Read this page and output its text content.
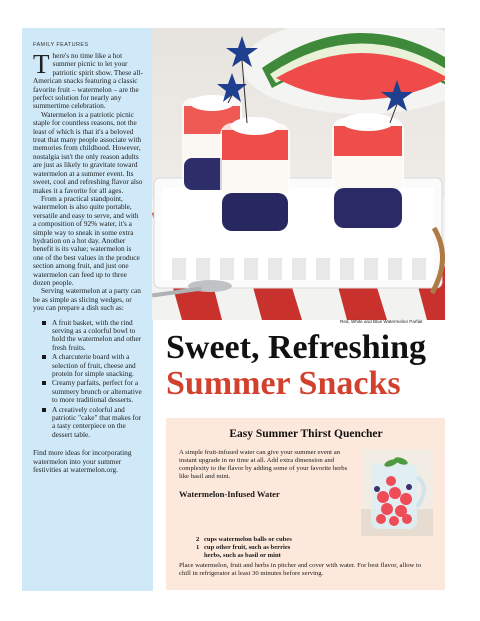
FAMILY FEATURES

T here's no time like a hot summer picnic to let your patriotic spirit show. These all-American snacks featuring a classic favorite fruit – watermelon – are the perfect solution for nearly any summertime celebration.

Watermelon is a patriotic picnic staple for countless reasons, not the least of which is that it's a beloved treat that many people associate with memories from childhood. However, nostalgia isn't the only reason adults are just as likely to gravitate toward watermelon at a summer event. Its sweet, cool and refreshing flavor also makes it a favorite for all ages.

From a practical standpoint, watermelon is also quite portable, versatile and easy to serve, and with a composition of 92% water, it's a simple way to sneak in some extra hydration on a hot day. Another benefit is its value; watermelon is one of the best values in the produce section among fruit, and just one watermelon can feed up to three dozen people.

Serving watermelon at a party can be as simple as slicing wedges, or you can prepare a dish such as:

A fruit basket, with the rind serving as a colorful bowl to hold the watermelon and other fresh fruits.
A charcuterie board with a selection of fruit, cheese and protein for simple snacking.
Creamy parfaits, perfect for a summery brunch or alternative to more traditional desserts.
A creatively colorful and patriotic "cake" that makes for a tasty centerpiece on the dessert table.

Find more ideas for incorporating watermelon into your summer festivities at watermelon.org.

Red, White and Blue Watermelon Parfait
Sweet, Refreshing
Summer Snacks
Easy Summer Thirst Quencher

A simple fruit-infused water can give your summer event an instant upgrade in no time at all. Add extra dimension and complexity to the flavor by adding some of your favorite herbs like basil and mint.

Watermelon-Infused Water
2 cups watermelon balls or cubes
1 cup other fruit, such as berries
herbs, such as basil or mint

Place watermelon, fruit and herbs in pitcher and cover with water. For best flavor, allow to chill in refrigerator at least 30 minutes before serving.
